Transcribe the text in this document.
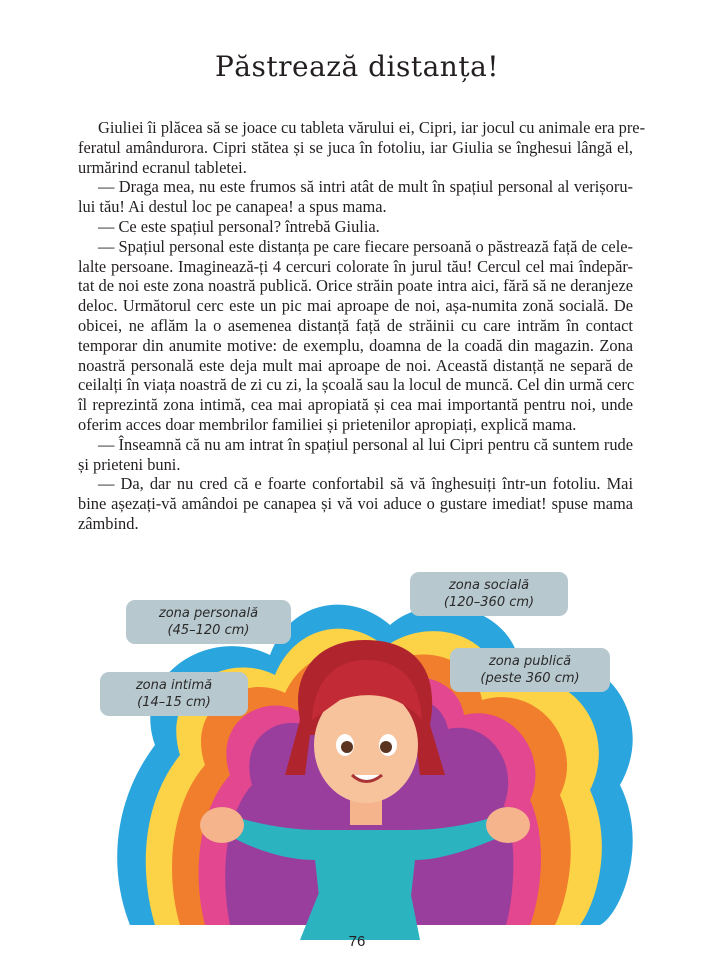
Păstrează distanța!
Giuliei îi plăcea să se joace cu tableta vărului ei, Cipri, iar jocul cu animale era pre-
feratul amândurora. Cipri stătea și se juca în fotoliu, iar Giulia se înghesui lângă el,
urmărind ecranul tabletei.
— Draga mea, nu este frumos să intri atât de mult în spațiul personal al verișoru-
lui tău! Ai destul loc pe canapea! a spus mama.
— Ce este spațiul personal? întrebă Giulia.
— Spațiul personal este distanța pe care fiecare persoană o păstrează față de cele-
lalte persoane. Imaginează-ți 4 cercuri colorate în jurul tău! Cercul cel mai îndepăr-
tat de noi este zona noastră publică. Orice străin poate intra aici, fără să ne deranjeze
deloc. Următorul cerc este un pic mai aproape de noi, așa-numita zonă socială. De
obicei, ne aflăm la o asemenea distanță față de străinii cu care intrăm în contact
temporar din anumite motive: de exemplu, doamna de la coadă din magazin. Zona
noastră personală este deja mult mai aproape de noi. Această distanță ne separă de
ceilalți în viața noastră de zi cu zi, la școală sau la locul de muncă. Cel din urmă cerc
îl reprezintă zona intimă, cea mai apropiată și cea mai importantă pentru noi, unde
oferim acces doar membrilor familiei și prietenilor apropiați, explică mama.
— Înseamnă că nu am intrat în spațiul personal al lui Cipri pentru că suntem rude
și prieteni buni.
— Da, dar nu cred că e foarte confortabil să vă înghesuiți într-un fotoliu. Mai
bine așezați-vă amândoi pe canapea și vă voi aduce o gustare imediat! spuse mama
zâmbind.
zona personală
(45–120 cm)
zona socială
(120–360 cm)
zona publică
(peste 360 cm)
zona intimă
(14–15 cm)
76
